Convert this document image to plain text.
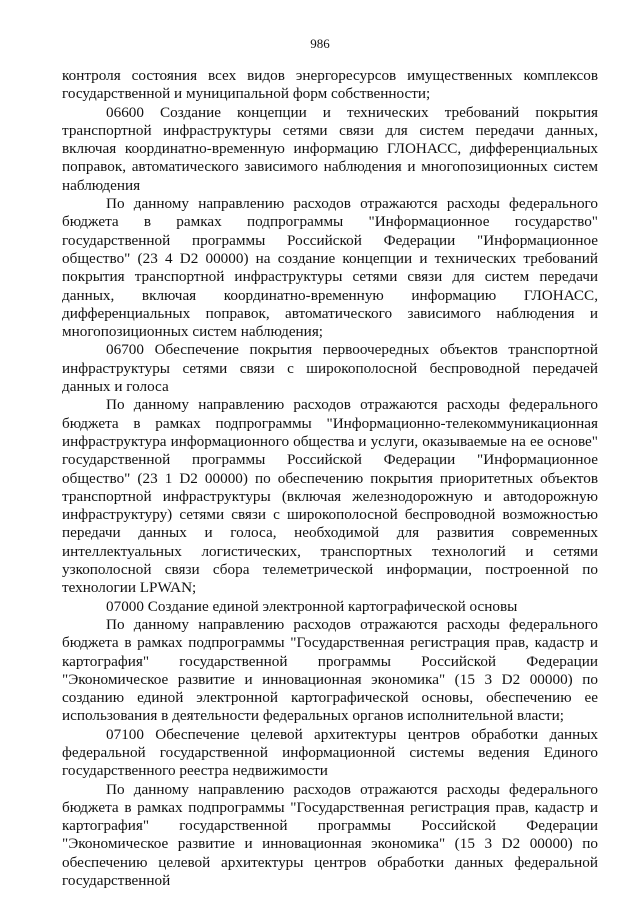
986

контроля состояния всех видов энергоресурсов имущественных комплексов государственной и муниципальной форм собственности;

06600 Создание концепции и технических требований покрытия транспортной инфраструктуры сетями связи для систем передачи данных, включая координатно-временную информацию ГЛОНАСС, дифференциальных поправок, автоматического зависимого наблюдения и многопозиционных систем наблюдения

По данному направлению расходов отражаются расходы федерального бюджета в рамках подпрограммы "Информационное государство" государственной программы Российской Федерации "Информационное общество" (23 4 D2 00000) на создание концепции и технических требований покрытия транспортной инфраструктуры сетями связи для систем передачи данных, включая координатно-временную информацию ГЛОНАСС, дифференциальных поправок, автоматического зависимого наблюдения и многопозиционных систем наблюдения;

06700 Обеспечение покрытия первоочередных объектов транспортной инфраструктуры сетями связи с широкополосной беспроводной передачей данных и голоса

По данному направлению расходов отражаются расходы федерального бюджета в рамках подпрограммы "Информационно-телекоммуникационная инфраструктура информационного общества и услуги, оказываемые на ее основе" государственной программы Российской Федерации "Информационное общество" (23 1 D2 00000) по обеспечению покрытия приоритетных объектов транспортной инфраструктуры (включая железнодорожную и автодорожную инфраструктуру) сетями связи с широкополосной беспроводной возможностью передачи данных и голоса, необходимой для развития современных интеллектуальных логистических, транспортных технологий и сетями узкополосной связи сбора телеметрической информации, построенной по технологии LPWAN;

07000 Создание единой электронной картографической основы

По данному направлению расходов отражаются расходы федерального бюджета в рамках подпрограммы "Государственная регистрация прав, кадастр и картография" государственной программы Российской Федерации "Экономическое развитие и инновационная экономика" (15 3 D2 00000) по созданию единой электронной картографической основы, обеспечению ее использования в деятельности федеральных органов исполнительной власти;

07100 Обеспечение целевой архитектуры центров обработки данных федеральной государственной информационной системы ведения Единого государственного реестра недвижимости

По данному направлению расходов отражаются расходы федерального бюджета в рамках подпрограммы "Государственная регистрация прав, кадастр и картография" государственной программы Российской Федерации "Экономическое развитие и инновационная экономика" (15 3 D2 00000) по обеспечению целевой архитектуры центров обработки данных федеральной государственной
